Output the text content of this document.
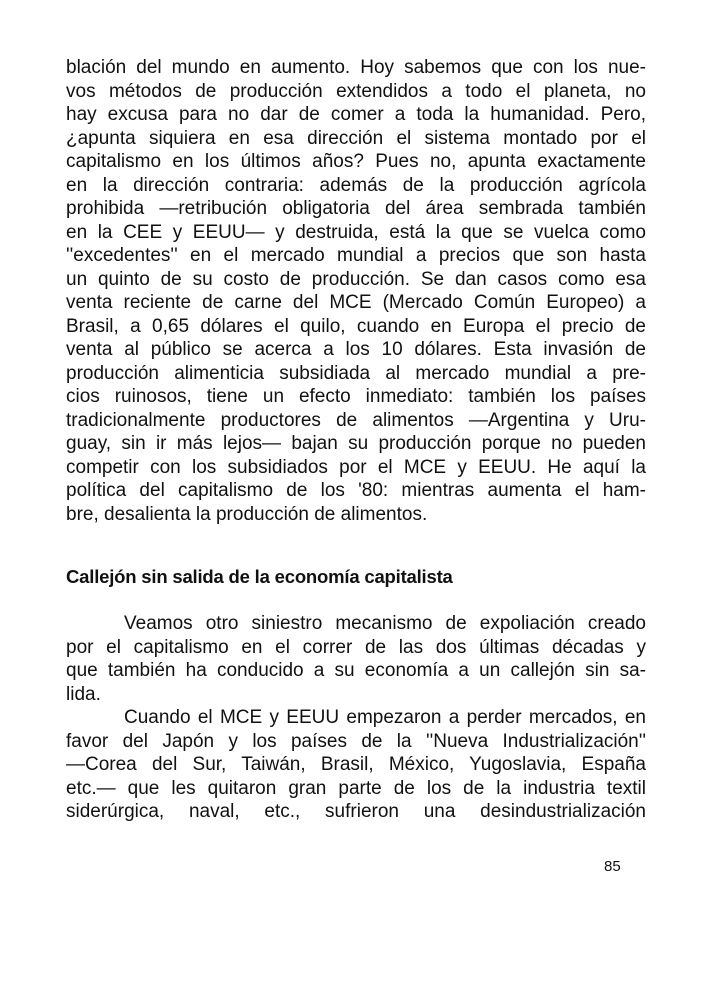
blación del mundo en aumento. Hoy sabemos que con los nue-
vos métodos de producción extendidos a todo el planeta, no
hay excusa para no dar de comer a toda la humanidad. Pero,
¿apunta siquiera en esa dirección el sistema montado por el
capitalismo en los últimos años? Pues no, apunta exactamente
en la dirección contraria: además de la producción agrícola
prohibida —retribución obligatoria del área sembrada también
en la CEE y EEUU— y destruida, está la que se vuelca como
''excedentes'' en el mercado mundial a precios que son hasta
un quinto de su costo de producción. Se dan casos como esa
venta reciente de carne del MCE (Mercado Común Europeo) a
Brasil, a 0,65 dólares el quilo, cuando en Europa el precio de
venta al público se acerca a los 10 dólares. Esta invasión de
producción alimenticia subsidiada al mercado mundial a pre-
cios ruinosos, tiene un efecto inmediato: también los países
tradicionalmente productores de alimentos —Argentina y Uru-
guay, sin ir más lejos— bajan su producción porque no pueden
competir con los subsidiados por el MCE y EEUU. He aquí la
política del capitalismo de los '80: mientras aumenta el ham-
bre, desalienta la producción de alimentos.

Callejón sin salida de la economía capitalista

Veamos otro siniestro mecanismo de expoliación creado
por el capitalismo en el correr de las dos últimas décadas y
que también ha conducido a su economía a un callejón sin sa-
lida.

Cuando el MCE y EEUU empezaron a perder mercados, en
favor del Japón y los países de la ''Nueva Industrialización''
—Corea del Sur, Taiwán, Brasil, México, Yugoslavia, España
etc.— que les quitaron gran parte de los de la industria textil
siderúrgica, naval, etc., sufrieron una desindustrialización

85
